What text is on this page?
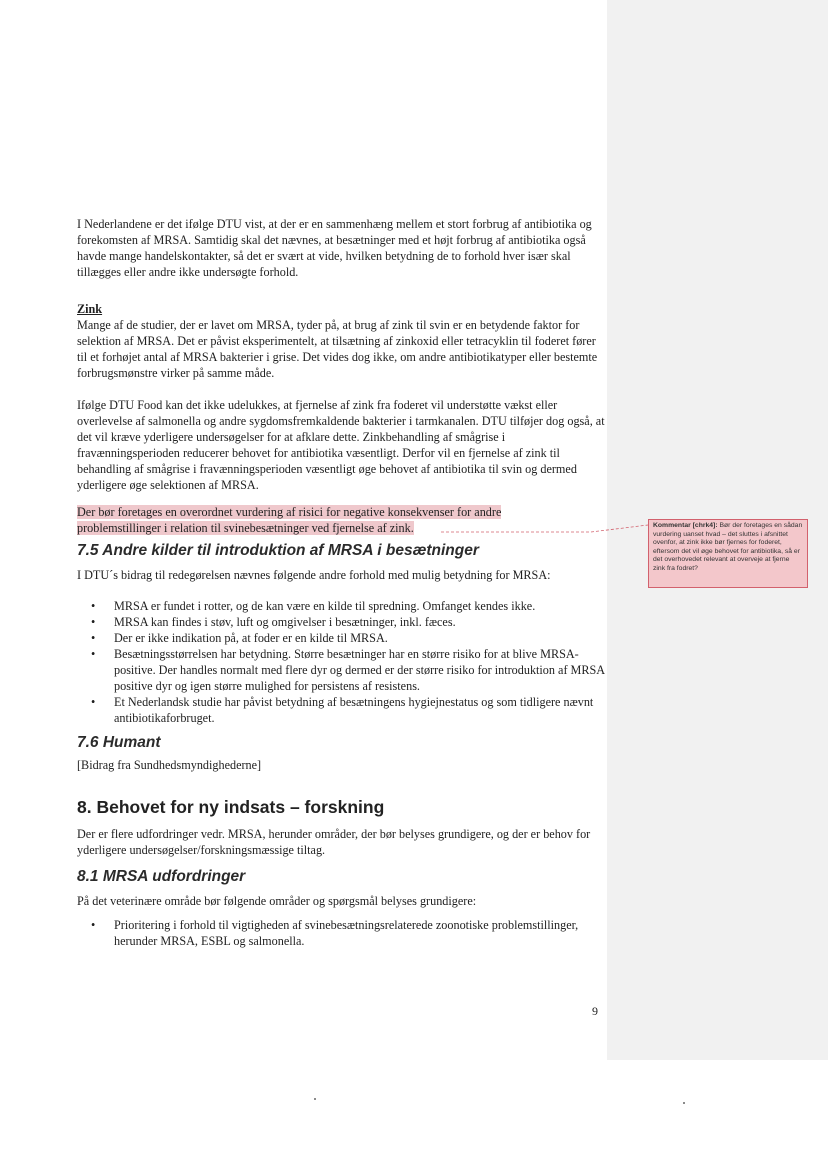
I Nederlandene er det ifølge DTU vist, at der er en sammenhæng mellem et stort forbrug af antibiotika og forekomsten af MRSA. Samtidig skal det nævnes, at besætninger med et højt forbrug af antibiotika også havde mange handelskontakter, så det er svært at vide, hvilken betydning de to forhold hver især skal tillægges eller andre ikke undersøgte forhold.

Zink

Mange af de studier, der er lavet om MRSA, tyder på, at brug af zink til svin er en betydende faktor for selektion af MRSA. Det er påvist eksperimentelt, at tilsætning af zinkoxid eller tetracyklin til foderet fører til et forhøjet antal af MRSA bakterier i grise. Det vides dog ikke, om andre antibiotikatyper eller bestemte forbrugsmønstre virker på samme måde.

Ifølge DTU Food kan det ikke udelukkes, at fjernelse af zink fra foderet vil understøtte vækst eller overlevelse af salmonella og andre sygdomsfremkaldende bakterier i tarmkanalen. DTU tilføjer dog også, at det vil kræve yderligere undersøgelser for at afklare dette. Zinkbehandling af smågrise i fravænningsperioden reducerer behovet for antibiotika væsentligt. Derfor vil en fjernelse af zink til behandling af smågrise i fravænningsperioden væsentligt øge behovet af antibiotika til svin og dermed yderligere øge selektionen af MRSA.

Der bør foretages en overordnet vurdering af risici for negative konsekvenser for andre
problemstillinger i relation til svinebesætninger ved fjernelse af zink.
7.5 Andre kilder til introduktion af MRSA i besætninger

I DTU´s bidrag til redegørelsen nævnes følgende andre forhold med mulig betydning for MRSA:

• MRSA er fundet i rotter, og de kan være en kilde til spredning. Omfanget kendes ikke.
• MRSA kan findes i støv, luft og omgivelser i besætninger, inkl. fæces.
• Der er ikke indikation på, at foder er en kilde til MRSA.
• Besætningsstørrelsen har betydning. Større besætninger har en større risiko for at blive MRSA-positive. Der handles normalt med flere dyr og dermed er der større risiko for introduktion af MRSA positive dyr og igen større mulighed for persistens af resistens.
• Et Nederlandsk studie har påvist betydning af besætningens hygiejnestatus og som tidligere nævnt antibiotikaforbruget.
7.6 Humant

[Bidrag fra Sundhedsmyndighederne]

8. Behovet for ny indsats – forskning

Der er flere udfordringer vedr. MRSA, herunder områder, der bør belyses grundigere, og der er behov for yderligere undersøgelser/forskningsmæssige tiltag.

8.1 MRSA udfordringer

På det veterinære område bør følgende områder og spørgsmål belyses grundigere:

• Prioritering i forhold til vigtigheden af svinebesætningsrelaterede zoonotiske problemstillinger, herunder MRSA, ESBL og salmonella.
Kommentar [chrk4]: Bør der foretages en sådan vurdering uanset hvad – det sluttes i afsnittet ovenfor, at zink ikke bør fjernes for foderet, eftersom det vil øge behovet for antibiotika, så er det overhovedet relevant at overveje at fjerne zink fra fodret?
9
